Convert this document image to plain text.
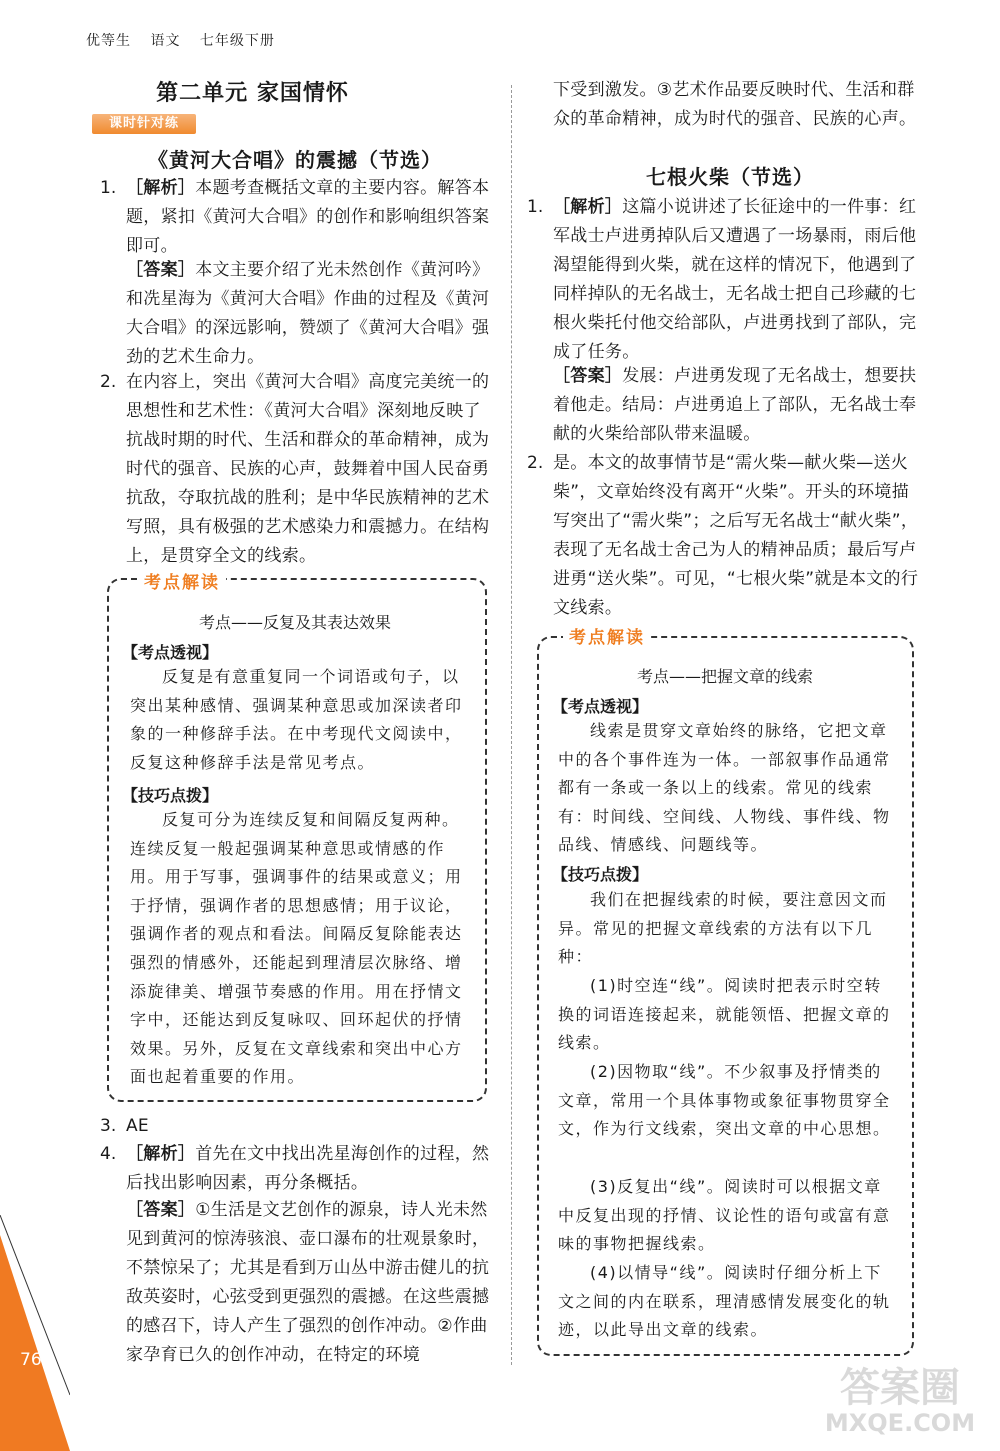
优等生 语文 七年级下册
第二单元 家国情怀
课时针对练
《黄河大合唱》的震撼（节选）
1. ［解析］本题考查概括文章的主要内容。解答本题，紧扣《黄河大合唱》的创作和影响组织答案即可。
［答案］本文主要介绍了光未然创作《黄河吟》和冼星海为《黄河大合唱》作曲的过程及《黄河大合唱》的深远影响，赞颂了《黄河大合唱》强劲的艺术生命力。
2. 在内容上，突出《黄河大合唱》高度完美统一的思想性和艺术性：《黄河大合唱》深刻地反映了抗战时期的时代、生活和群众的革命精神，成为时代的强音、民族的心声，鼓舞着中国人民奋勇抗敌，夺取抗战的胜利；是中华民族精神的艺术写照，具有极强的艺术感染力和震撼力。在结构上，是贯穿全文的线索。
考点解读
考点——反复及其表达效果
【考点透视】
反复是有意重复同一个词语或句子，以突出某种感情、强调某种意思或加深读者印象的一种修辞手法。在中考现代文阅读中，反复这种修辞手法是常见考点。
【技巧点拨】
反复可分为连续反复和间隔反复两种。连续反复一般起强调某种意思或情感的作用。用于写事，强调事件的结果或意义；用于抒情，强调作者的思想感情；用于议论，强调作者的观点和看法。间隔反复除能表达强烈的情感外，还能起到理清层次脉络、增添旋律美、增强节奏感的作用。用在抒情文字中，还能达到反复咏叹、回环起伏的抒情效果。另外，反复在文章线索和突出中心方面也起着重要的作用。
3. AE
4. ［解析］首先在文中找出冼星海创作的过程，然后找出影响因素，再分条概括。
［答案］①生活是文艺创作的源泉，诗人光未然见到黄河的惊涛骇浪、壶口瀑布的壮观景象时，不禁惊呆了；尤其是看到万山丛中游击健儿的抗敌英姿时，心弦受到更强烈的震撼。在这些震撼的感召下，诗人产生了强烈的创作冲动。②作曲家孕育已久的创作冲动，在特定的环境
下受到激发。③艺术作品要反映时代、生活和群众的革命精神，成为时代的强音、民族的心声。
七根火柴（节选）
1. ［解析］这篇小说讲述了长征途中的一件事：红军战士卢进勇掉队后又遭遇了一场暴雨，雨后他渴望能得到火柴，就在这样的情况下，他遇到了同样掉队的无名战士，无名战士把自己珍藏的七根火柴托付他交给部队，卢进勇找到了部队，完成了任务。
［答案］发展：卢进勇发现了无名战士，想要扶着他走。结局：卢进勇追上了部队，无名战士奉献的火柴给部队带来温暖。
2. 是。本文的故事情节是“需火柴—献火柴—送火柴”，文章始终没有离开“火柴”。开头的环境描写突出了“需火柴”；之后写无名战士“献火柴”，表现了无名战士舍己为人的精神品质；最后写卢进勇“送火柴”。可见，“七根火柴”就是本文的行文线索。
考点解读
考点——把握文章的线索
【考点透视】
线索是贯穿文章始终的脉络，它把文章中的各个事件连为一体。一部叙事作品通常都有一条或一条以上的线索。常见的线索有：时间线、空间线、人物线、事件线、物品线、情感线、问题线等。
【技巧点拨】
我们在把握线索的时候，要注意因文而异。常见的把握文章线索的方法有以下几种：
(1)时空连“线”。阅读时把表示时空转换的词语连接起来，就能领悟、把握文章的线索。
(2)因物取“线”。不少叙事及抒情类的文章，常用一个具体事物或象征事物贯穿全文，作为行文线索，突出文章的中心思想。
(3)反复出“线”。阅读时可以根据文章中反复出现的抒情、议论性的语句或富有意味的事物把握线索。
(4)以情导“线”。阅读时仔细分析上下文之间的内在联系，理清感情发展变化的轨迹，以此导出文章的线索。
76
答案圈
MXQE.COM
